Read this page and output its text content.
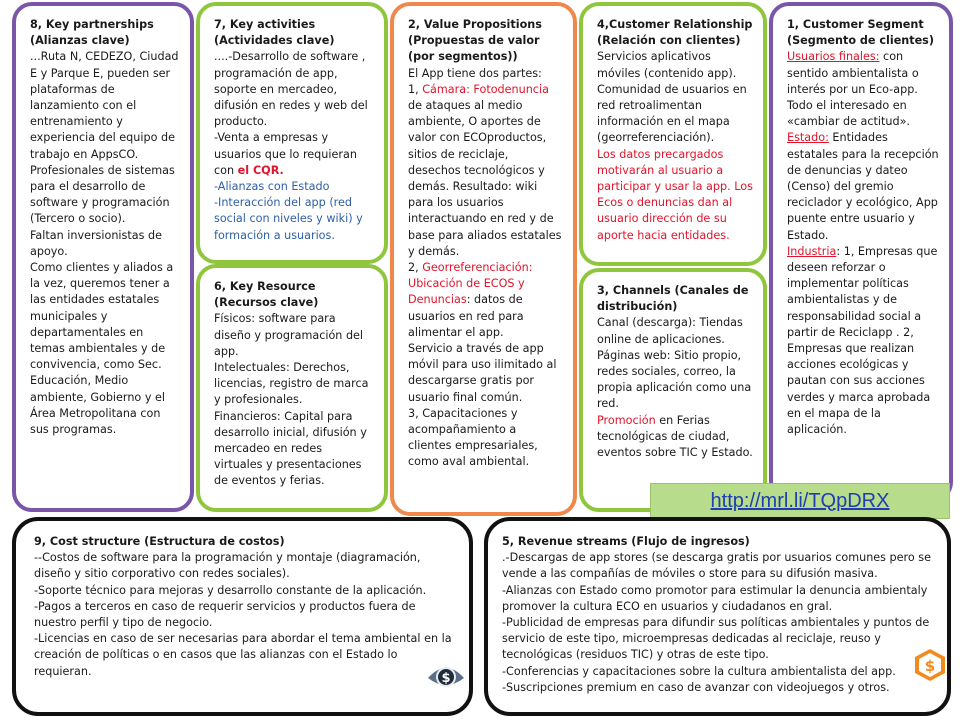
8, Key partnerships (Alianzas clave)

...Ruta N, CEDEZO, Ciudad E y Parque E, pueden ser plataformas de lanzamiento con el entrenamiento y experiencia del equipo de trabajo en AppsCO. Profesionales de sistemas para el desarrollo de software y programación (Tercero o socio).

Faltan inversionistas de apoyo.

Como clientes y aliados a la vez, queremos tener a las entidades estatales municipales y departamentales en temas ambientales y de convivencia, como Sec. Educación, Medio ambiente, Gobierno y el Área Metropolitana con sus programas.

7, Key activities (Actividades clave)

....-Desarrollo de software , programación de app, soporte en mercadeo, difusión en redes y web del producto.

-Venta a empresas y usuarios que lo requieran con el CQR.

-Alianzas con Estado

-Interacción del app (red social con niveles y wiki) y formación a usuarios.

6, Key Resource (Recursos clave)

Físicos: software para diseño y programación del app.

Intelectuales: Derechos, licencias, registro de marca y profesionales.

Financieros: Capital para desarrollo inicial, difusión y mercadeo en redes virtuales y presentaciones de eventos y ferias.

2, Value Propositions (Propuestas de valor (por segmentos))

El App tiene dos partes:

1, Cámara: Fotodenuncia de ataques al medio ambiente, O aportes de valor con ECOproductos, sitios de reciclaje, desechos tecnológicos y demás. Resultado: wiki para los usuarios interactuando en red y de base para aliados estatales y demás.

2, Georreferenciación: Ubicación de ECOS y Denuncias: datos de usuarios en red para alimentar el app.

Servicio a través de app móvil para uso ilimitado al descargarse gratis por usuario final común.

3, Capacitaciones y acompañamiento a clientes empresariales, como aval ambiental.

4,Customer Relationship (Relación con clientes)

Servicios aplicativos móviles (contenido app). Comunidad de usuarios en red retroalimentan información en el mapa (georreferenciación).

Los datos precargados motivarán al usuario a participar y usar la app. Los Ecos o denuncias dan al usuario dirección de su aporte hacia entidades.

3, Channels (Canales de distribución)

Canal (descarga): Tiendas online de aplicaciones.

Páginas web: Sitio propio, redes sociales, correo, la propia aplicación como una red.

Promoción en Ferias tecnológicas de ciudad, eventos sobre TIC y Estado.

1, Customer Segment (Segmento de clientes)

Usuarios finales: con sentido ambientalista o interés por un Eco-app. Todo el interesado en «cambiar de actitud».

Estado: Entidades estatales para la recepción de denuncias y dateo (Censo) del gremio reciclador y ecológico, App puente entre usuario y Estado.

Industria: 1, Empresas que deseen reforzar o implementar políticas ambientalistas y de responsabilidad social a partir de Reciclapp . 2, Empresas que realizan acciones ecológicas y pautan con sus acciones verdes y marca aprobada en el mapa de la aplicación.

http://mrl.li/TQpDRX

9, Cost structure (Estructura de costos)

--Costos de software para la programación y montaje (diagramación, diseño y sitio corporativo con redes sociales).

-Soporte técnico para mejoras y desarrollo constante de la aplicación.

-Pagos a terceros en caso de requerir servicios y productos fuera de nuestro perfil y tipo de negocio.

-Licencias en caso de ser necesarias para abordar el tema ambiental en la creación de políticas o en casos que las alianzas con el Estado lo requieran.

5, Revenue streams (Flujo de ingresos)

.-Descargas de app stores (se descarga gratis por usuarios comunes pero se vende a las compañías de móviles o store para su difusión masiva.

-Alianzas con Estado como promotor para estimular la denuncia ambientaly promover la cultura ECO en usuarios y ciudadanos en gral.

-Publicidad de empresas para difundir sus políticas ambientales y puntos de servicio de este tipo, microempresas dedicadas al reciclaje, reuso y tecnológicas (residuos TIC) y otras de este tipo.

-Conferencias y capacitaciones sobre la cultura ambientalista del app.

-Suscripciones premium en caso de avanzar con videojuegos y otros.

$
$
